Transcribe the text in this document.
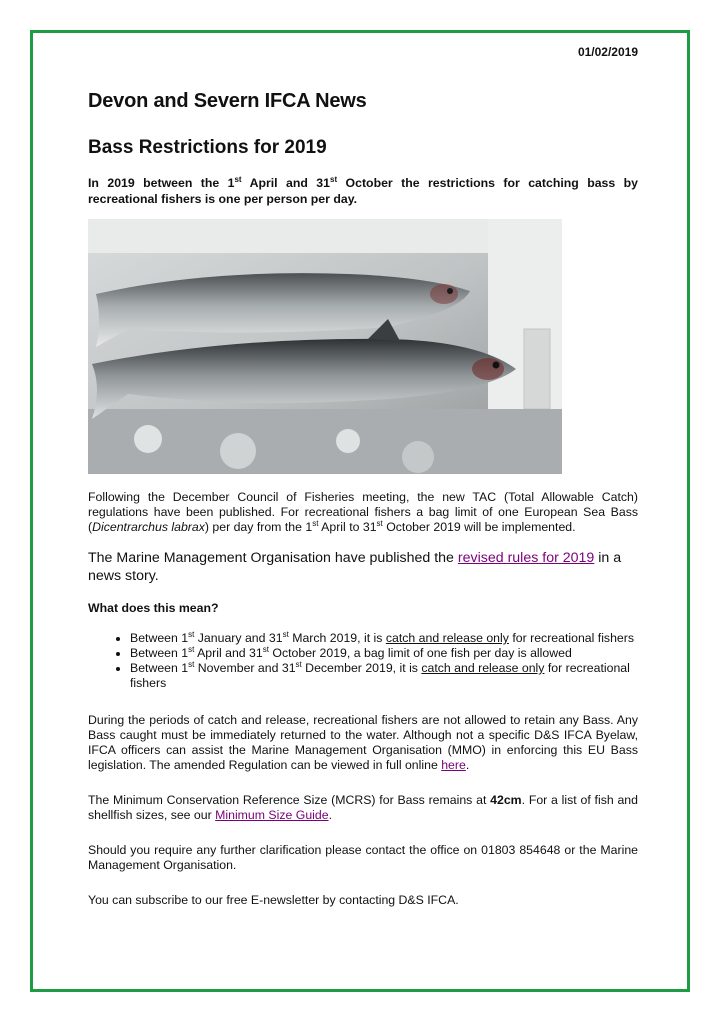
01/02/2019
Devon and Severn IFCA News
Bass Restrictions for 2019

In 2019 between the 1st April and 31st October the restrictions for catching bass by recreational fishers is one per person per day.

Following the December Council of Fisheries meeting, the new TAC (Total Allowable Catch) regulations have been published. For recreational fishers a bag limit of one European Sea Bass (Dicentrarchus labrax) per day from the 1st April to 31st October 2019 will be implemented.

The Marine Management Organisation have published the revised rules for 2019 in a news story.

What does this mean?

• Between 1st January and 31st March 2019, it is catch and release only for recreational fishers
• Between 1st April and 31st October 2019, a bag limit of one fish per day is allowed
• Between 1st November and 31st December 2019, it is catch and release only for recreational fishers

During the periods of catch and release, recreational fishers are not allowed to retain any Bass. Any Bass caught must be immediately returned to the water. Although not a specific D&S IFCA Byelaw, IFCA officers can assist the Marine Management Organisation (MMO) in enforcing this EU Bass legislation. The amended Regulation can be viewed in full online here.

The Minimum Conservation Reference Size (MCRS) for Bass remains at 42cm. For a list of fish and shellfish sizes, see our Minimum Size Guide.

Should you require any further clarification please contact the office on 01803 854648 or the Marine Management Organisation.

You can subscribe to our free E-newsletter by contacting D&S IFCA.
